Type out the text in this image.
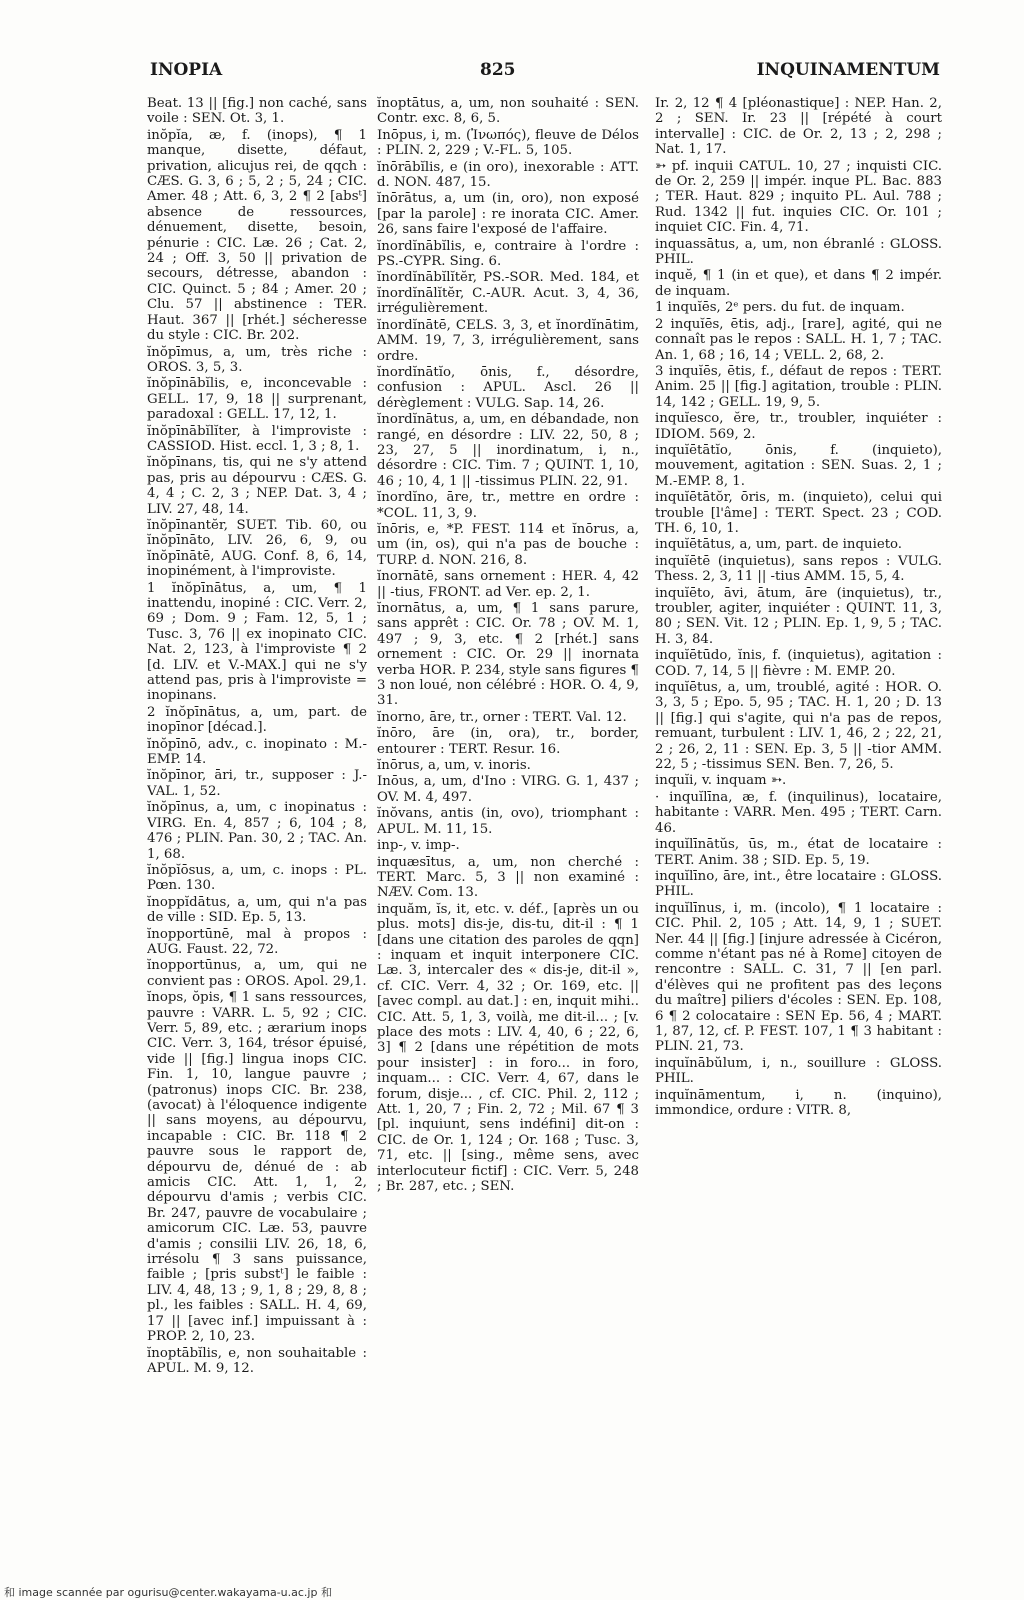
INOPIA	825	INQUINAMENTUM

Beat. 13 || [fig.] non caché, sans voile : SEN. Ot. 3, 1.

inŏpĭa, æ, f. (inops), ¶ 1 manque, disette, défaut, privation, alicujus rei, de qqch : CÆS. G. 3, 6 ; 5, 2 ; 5, 24 ; CIC. Amer. 48 ; Att. 6, 3, 2 ¶ 2 [absᵗ] absence de ressources, dénuement, disette, besoin, pénurie : CIC. Læ. 26 ; Cat. 2, 24 ; Off. 3, 50 || privation de secours, détresse, abandon : CIC. Quinct. 5 ; 84 ; Amer. 20 ; Clu. 57 || abstinence : TER. Haut. 367 || [rhét.] sécheresse du style : CIC. Br. 202.

ĭnŏpīmus, a, um, très riche : OROS. 3, 5, 3.

ĭnŏpīnābĭlis, e, inconcevable : GELL. 17, 9, 18 || surprenant, paradoxal : GELL. 17, 12, 1.

ĭnŏpīnābĭlĭter, à l'improviste : CASSIOD. Hist. eccl. 1, 3 ; 8, 1.

ĭnŏpīnans, tis, qui ne s'y attend pas, pris au dépourvu : CÆS. G. 4, 4 ; C. 2, 3 ; NEP. Dat. 3, 4 ; LIV. 27, 48, 14.

ĭnŏpīnantĕr, SUET. Tib. 60, ou ĭnŏpīnāto, LIV. 26, 6, 9, ou ĭnŏpīnātē, AUG. Conf. 8, 6, 14, inopinément, à l'improviste.

1 ĭnŏpīnātus, a, um, ¶ 1 inattendu, inopiné : CIC. Verr. 2, 69 ; Dom. 9 ; Fam. 12, 5, 1 ; Tusc. 3, 76 || ex inopinato CIC. Nat. 2, 123, à l'improviste ¶ 2 [d. LIV. et V.-MAX.] qui ne s'y attend pas, pris à l'improviste = inopinans.

2 ĭnŏpīnātus, a, um, part. de inopīnor [décad.].

ĭnŏpīnō, adv., c. inopinato : M.-EMP. 14.

ĭnŏpīnor, āri, tr., supposer : J.-VAL. 1, 52.

ĭnŏpīnus, a, um, c inopinatus : VIRG. En. 4, 857 ; 6, 104 ; 8, 476 ; PLIN. Pan. 30, 2 ; TAC. An. 1, 68.

ĭnŏpĭōsus, a, um, c. inops : PL. Pœn. 130.

ĭnoppĭdātus, a, um, qui n'a pas de ville : SID. Ep. 5, 13.

ĭnopportūnē, mal à propos : AUG. Faust. 22, 72.

ĭnopportūnus, a, um, qui ne convient pas : OROS. Apol. 29,1.

ĭnops, ŏpis, ¶ 1 sans ressources, pauvre : VARR. L. 5, 92 ; CIC. Verr. 5, 89, etc. ; ærarium inops CIC. Verr. 3, 164, trésor épuisé, vide || [fig.] lingua inops CIC. Fin. 1, 10, langue pauvre ; (patronus) inops CIC. Br. 238, (avocat) à l'éloquence indigente || sans moyens, au dépourvu, incapable : CIC. Br. 118 ¶ 2 pauvre sous le rapport de, dépourvu de, dénué de : ab amicis CIC. Att. 1, 1, 2, dépourvu d'amis ; verbis CIC. Br. 247, pauvre de vocabulaire ; amicorum CIC. Læ. 53, pauvre d'amis ; consilii LIV. 26, 18, 6, irrésolu ¶ 3 sans puissance, faible ; [pris substᵗ] le faible : LIV. 4, 48, 13 ; 9, 1, 8 ; 29, 8, 8 ; pl., les faibles : SALL. H. 4, 69, 17 || [avec inf.] impuissant à : PROP. 2, 10, 23.

ĭnoptābĭlis, e, non souhaitable : APUL. M. 9, 12.

ĭnoptātus, a, um, non souhaité : SEN. Contr. exc. 8, 6, 5.

Inōpus, i, m. (Ἰνωπός), fleuve de Délos : PLIN. 2, 229 ; V.-FL. 5, 105.

ĭnōrābĭlis, e (in oro), inexorable : ATT. d. NON. 487, 15.

ĭnōrātus, a, um (in, oro), non exposé [par la parole] : re inorata CIC. Amer. 26, sans faire l'exposé de l'affaire.

ĭnordĭnābĭlis, e, contraire à l'ordre : PS.-CYPR. Sing. 6.

ĭnordĭnābĭlĭtĕr, PS.-SOR. Med. 184, et ĭnordĭnālĭtĕr, C.-AUR. Acut. 3, 4, 36, irrégulièrement.

ĭnordĭnātē, CELS. 3, 3, et ĭnordĭnātim, AMM. 19, 7, 3, irrégulièrement, sans ordre.

ĭnordĭnātĭo, ōnis, f., désordre, confusion : APUL. Ascl. 26 || dérèglement : VULG. Sap. 14, 26.

ĭnordĭnātus, a, um, en débandade, non rangé, en désordre : LIV. 22, 50, 8 ; 23, 27, 5 || inordinatum, i, n., désordre : CIC. Tim. 7 ; QUINT. 1, 10, 46 ; 10, 4, 1 || -tissimus PLIN. 22, 91.

ĭnordĭno, āre, tr., mettre en ordre : *COL. 11, 3, 9.

ĭnōris, e, *P. FEST. 114 et ĭnōrus, a, um (in, os), qui n'a pas de bouche : TURP. d. NON. 216, 8.

ĭnornātē, sans ornement : HER. 4, 42 || -tius, FRONT. ad Ver. ep. 2, 1.

ĭnornātus, a, um, ¶ 1 sans parure, sans apprêt : CIC. Or. 78 ; OV. M. 1, 497 ; 9, 3, etc. ¶ 2 [rhét.] sans ornement : CIC. Or. 29 || inornata verba HOR. P. 234, style sans figures ¶ 3 non loué, non célébré : HOR. O. 4, 9, 31.

ĭnorno, āre, tr., orner : TERT. Val. 12.

ĭnōro, āre (in, ora), tr., border, entourer : TERT. Resur. 16.

ĭnōrus, a, um, v. inoris.

Inōus, a, um, d'Ino : VIRG. G. 1, 437 ; OV. M. 4, 497.

ĭnŏvans, antis (in, ovo), triomphant : APUL. M. 11, 15.

inp-, v. imp-.

inquæsītus, a, um, non cherché : TERT. Marc. 5, 3 || non examiné : NÆV. Com. 13.

inquăm, ĭs, it, etc. v. déf., [après un ou plus. mots] dis-je, dis-tu, dit-il : ¶ 1 [dans une citation des paroles de qqn] : inquam et inquit interponere CIC. Læ. 3, intercaler des « dis-je, dit-il », cf. CIC. Verr. 4, 32 ; Or. 169, etc. || [avec compl. au dat.] : en, inquit mihi.. CIC. Att. 5, 1, 3, voilà, me dit-il... ; [v. place des mots : LIV. 4, 40, 6 ; 22, 6, 3] ¶ 2 [dans une répétition de mots pour insister] : in foro... in foro, inquam... : CIC. Verr. 4, 67, dans le forum, disje... , cf. CIC. Phil. 2, 112 ; Att. 1, 20, 7 ; Fin. 2, 72 ; Mil. 67 ¶ 3 [pl. inquiunt, sens indéfini] dit-on : CIC. de Or. 1, 124 ; Or. 168 ; Tusc. 3, 71, etc. || [sing., même sens, avec interlocuteur fictif] : CIC. Verr. 5, 248 ; Br. 287, etc. ; SEN.

Ir. 2, 12 ¶ 4 [pléonastique] : NEP. Han. 2, 2 ; SEN. Ir. 23 || [répété à court intervalle] : CIC. de Or. 2, 13 ; 2, 298 ; Nat. 1, 17.

➳ pf. inquii CATUL. 10, 27 ; inquisti CIC. de Or. 2, 259 || impér. inque PL. Bac. 883 ; TER. Haut. 829 ; inquito PL. Aul. 788 ; Rud. 1342 || fut. inquies CIC. Or. 101 ; inquiet CIC. Fin. 4, 71.

inquassātus, a, um, non ébranlé : GLOSS. PHIL.

inquĕ, ¶ 1 (in et que), et dans ¶ 2 impér. de inquam.

1 inquĭēs, 2ᵉ pers. du fut. de inquam.

2 inquĭēs, ētis, adj., [rare], agité, qui ne connaît pas le repos : SALL. H. 1, 7 ; TAC. An. 1, 68 ; 16, 14 ; VELL. 2, 68, 2.

3 inquĭēs, ētis, f., défaut de repos : TERT. Anim. 25 || [fig.] agitation, trouble : PLIN. 14, 142 ; GELL. 19, 9, 5.

inquĭesco, ĕre, tr., troubler, inquiéter : IDIOM. 569, 2.

inquĭētātĭo, ōnis, f. (inquieto), mouvement, agitation : SEN. Suas. 2, 1 ; M.-EMP. 8, 1.

inquĭētātŏr, ōris, m. (inquieto), celui qui trouble [l'âme] : TERT. Spect. 23 ; COD. TH. 6, 10, 1.

inquĭētātus, a, um, part. de inquieto.

inquĭētē (inquietus), sans repos : VULG. Thess. 2, 3, 11 || -tius AMM. 15, 5, 4.

inquĭēto, āvi, ātum, āre (inquietus), tr., troubler, agiter, inquiéter : QUINT. 11, 3, 80 ; SEN. Vit. 12 ; PLIN. Ep. 1, 9, 5 ; TAC. H. 3, 84.

inquĭētūdo, ĭnis, f. (inquietus), agitation : COD. 7, 14, 5 || fièvre : M. EMP. 20.

inquĭētus, a, um, troublé, agité : HOR. O. 3, 3, 5 ; Epo. 5, 95 ; TAC. H. 1, 20 ; D. 13 || [fig.] qui s'agite, qui n'a pas de repos, remuant, turbulent : LIV. 1, 46, 2 ; 22, 21, 2 ; 26, 2, 11 : SEN. Ep. 3, 5 || -tior AMM. 22, 5 ; -tissimus SEN. Ben. 7, 26, 5.

inquĭi, v. inquam ➳.

· inquĭlīna, æ, f. (inquilinus), locataire, habitante : VARR. Men. 495 ; TERT. Carn. 46.

inquĭlīnātŭs, ūs, m., état de locataire : TERT. Anim. 38 ; SID. Ep. 5, 19.

inquĭlīno, āre, int., être locataire : GLOSS. PHIL.

inquĭlīnus, i, m. (incolo), ¶ 1 locataire : CIC. Phil. 2, 105 ; Att. 14, 9, 1 ; SUET. Ner. 44 || [fig.] [injure adressée à Cicéron, comme n'étant pas né à Rome] citoyen de rencontre : SALL. C. 31, 7 || [en parl. d'élèves qui ne profitent pas des leçons du maître] piliers d'écoles : SEN. Ep. 108, 6 ¶ 2 colocataire : SEN Ep. 56, 4 ; MART. 1, 87, 12, cf. P. FEST. 107, 1 ¶ 3 habitant : PLIN. 21, 73.

inquĭnābŭlum, i, n., souillure : GLOSS. PHIL.

inquĭnāmentum, i, n. (inquino), immondice, ordure : VITR. 8,

和 image scannée par ogurisu@center.wakayama-u.ac.jp 和
